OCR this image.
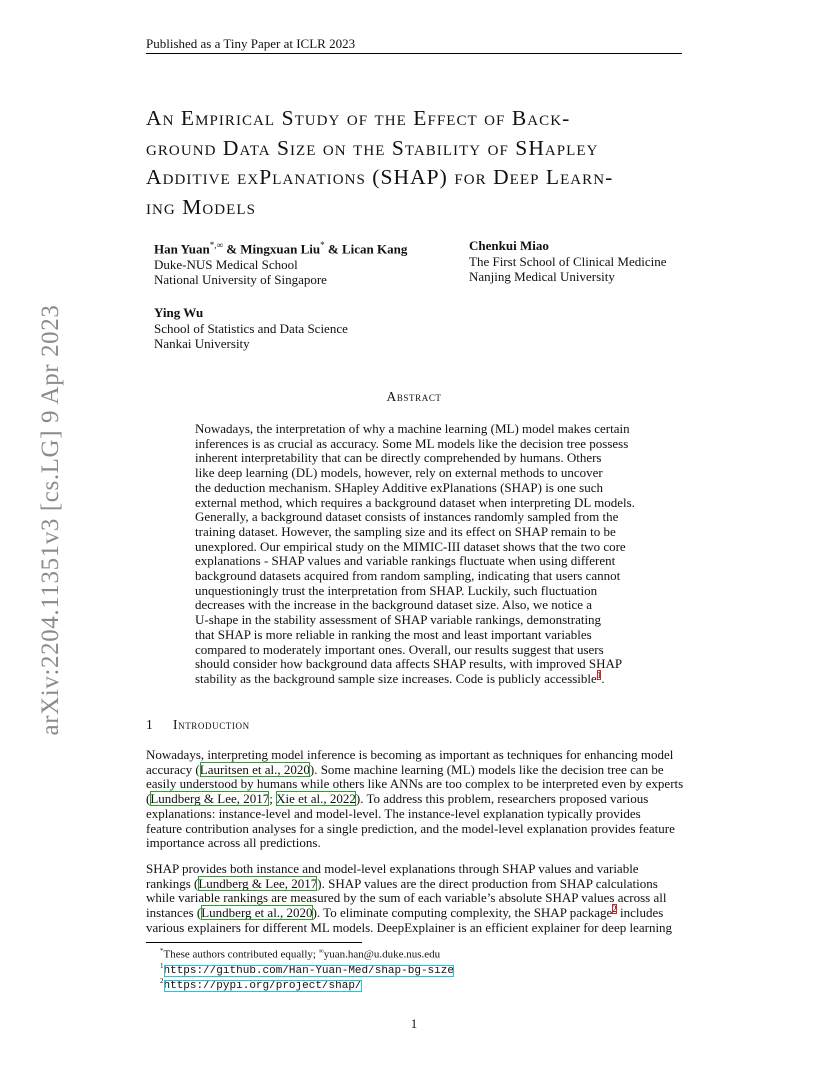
Published as a Tiny Paper at ICLR 2023
arXiv:2204.11351v3 [cs.LG] 9 Apr 2023
An Empirical Study of the Effect of Back-
ground Data Size on the Stability of SHapley
Additive exPlanations (SHAP) for Deep Learn-
ing Models
Han Yuan*,∞ & Mingxuan Liu* & Lican Kang
Duke-NUS Medical School
National University of Singapore
Chenkui Miao
The First School of Clinical Medicine
Nanjing Medical University
Ying Wu
School of Statistics and Data Science
Nankai University
Abstract
Nowadays, the interpretation of why a machine learning (ML) model makes certain
inferences is as crucial as accuracy. Some ML models like the decision tree possess
inherent interpretability that can be directly comprehended by humans. Others
like deep learning (DL) models, however, rely on external methods to uncover
the deduction mechanism. SHapley Additive exPlanations (SHAP) is one such
external method, which requires a background dataset when interpreting DL models.
Generally, a background dataset consists of instances randomly sampled from the
training dataset. However, the sampling size and its effect on SHAP remain to be
unexplored. Our empirical study on the MIMIC-III dataset shows that the two core
explanations - SHAP values and variable rankings fluctuate when using different
background datasets acquired from random sampling, indicating that users cannot
unquestioningly trust the interpretation from SHAP. Luckily, such fluctuation
decreases with the increase in the background dataset size. Also, we notice a
U-shape in the stability assessment of SHAP variable rankings, demonstrating
that SHAP is more reliable in ranking the most and least important variables
compared to moderately important ones. Overall, our results suggest that users
should consider how background data affects SHAP results, with improved SHAP
stability as the background sample size increases. Code is publicly accessible$^1$.
1 Introduction
Nowadays, interpreting model inference is becoming as important as techniques for enhancing model
accuracy (Lauritsen et al., 2020). Some machine learning (ML) models like the decision tree can be
easily understood by humans while others like ANNs are too complex to be interpreted even by experts
(Lundberg & Lee, 2017; Xie et al., 2022). To address this problem, researchers proposed various
explanations: instance-level and model-level. The instance-level explanation typically provides
feature contribution analyses for a single prediction, and the model-level explanation provides feature
importance across all predictions.
SHAP provides both instance and model-level explanations through SHAP values and variable
rankings (Lundberg & Lee, 2017). SHAP values are the direct production from SHAP calculations
while variable rankings are measured by the sum of each variable’s absolute SHAP values across all
instances (Lundberg et al., 2020). To eliminate computing complexity, the SHAP package$^2$ includes
various explainers for different ML models. DeepExplainer is an efficient explainer for deep learning
*These authors contributed equally; ∞yuan.han@u.duke.nus.edu
$^1$https://github.com/Han-Yuan-Med/shap-bg-size
$^2$https://pypi.org/project/shap/
1
